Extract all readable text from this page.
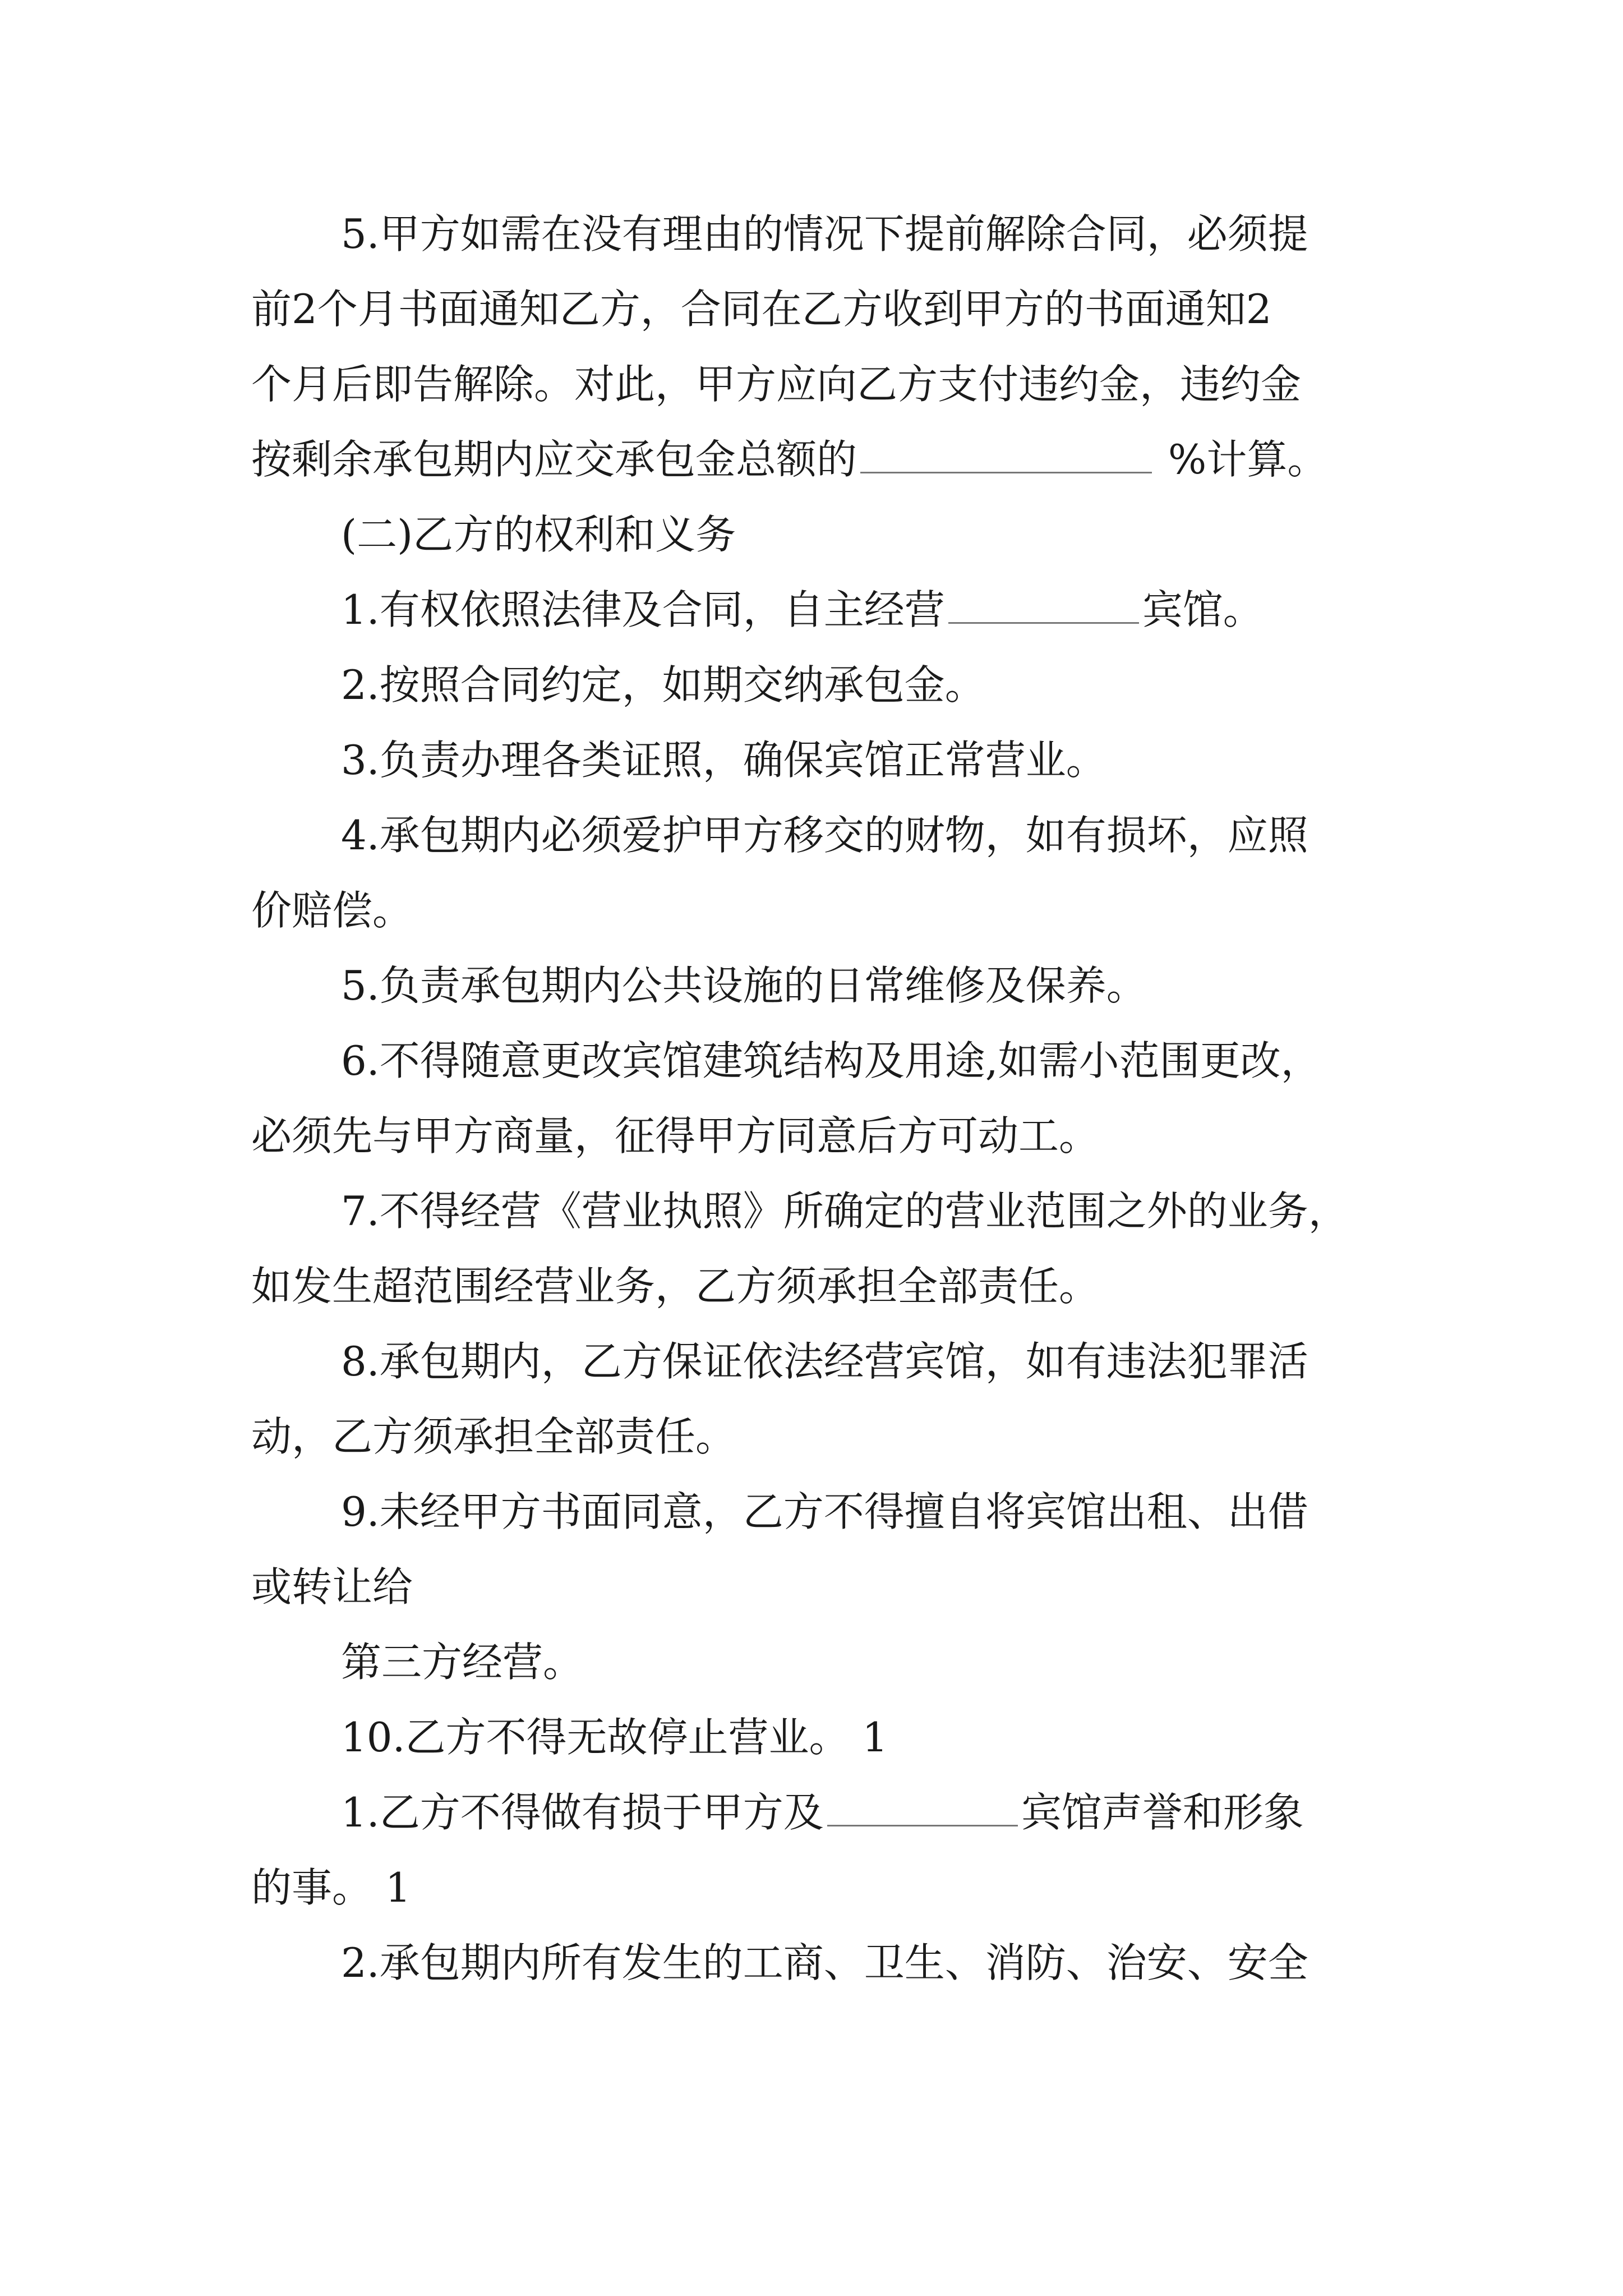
5.甲方如需在没有理由的情况下提前解除合同，必须提
前2个月书面通知乙方，合同在乙方收到甲方的书面通知2
个月后即告解除。对此，甲方应向乙方支付违约金，违约金
按剩余承包期内应交承包金总额的	%计算。
(二)乙方的权利和义务
1.有权依照法律及合同，自主经营	宾馆。
2.按照合同约定，如期交纳承包金。
3.负责办理各类证照，确保宾馆正常营业。
4.承包期内必须爱护甲方移交的财物，如有损坏，应照
价赔偿。
5.负责承包期内公共设施的日常维修及保养。
6.不得随意更改宾馆建筑结构及用途,如需小范围更改，
必须先与甲方商量，征得甲方同意后方可动工。
7.不得经营《营业执照》所确定的营业范围之外的业务，
如发生超范围经营业务，乙方须承担全部责任。
8.承包期内，乙方保证依法经营宾馆，如有违法犯罪活
动，乙方须承担全部责任。
9.未经甲方书面同意，乙方不得擅自将宾馆出租、出借
或转让给
第三方经营。
10.乙方不得无故停止营业。 1
1.乙方不得做有损于甲方及	宾馆声誉和形象
的事。 1
2.承包期内所有发生的工商、卫生、消防、治安、安全
